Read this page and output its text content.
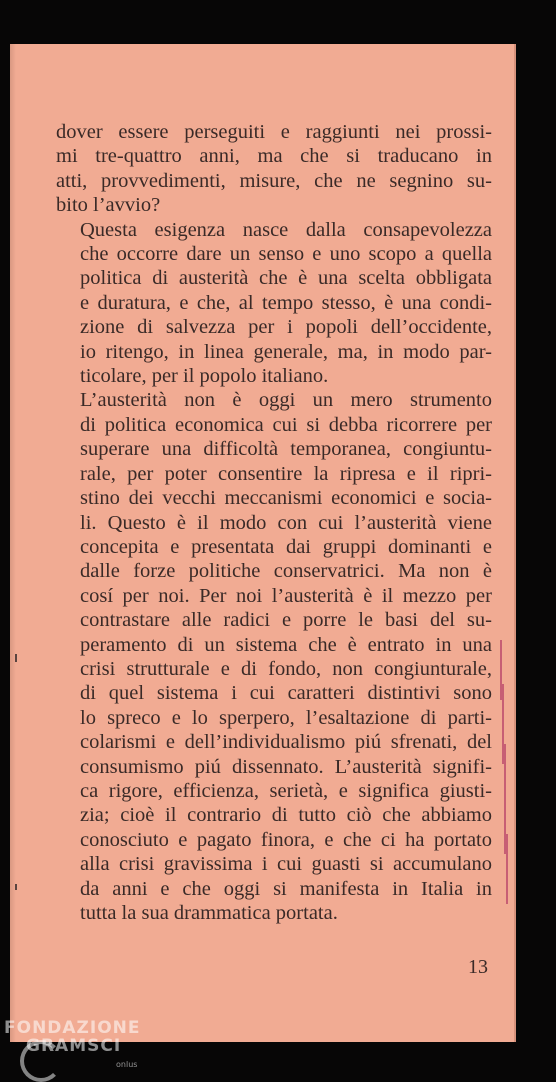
dover essere perseguiti e raggiunti nei prossi-
mi tre-quattro anni, ma che si traducano in
atti, provvedimenti, misure, che ne segnino su-
bito l’avvio?

Questa esigenza nasce dalla consapevolezza
che occorre dare un senso e uno scopo a quella
politica di austerità che è una scelta obbligata
e duratura, e che, al tempo stesso, è una condi-
zione di salvezza per i popoli dell’occidente,
io ritengo, in linea generale, ma, in modo par-
ticolare, per il popolo italiano.

L’austerità non è oggi un mero strumento
di politica economica cui si debba ricorrere per
superare una difficoltà temporanea, congiuntu-
rale, per poter consentire la ripresa e il ripri-
stino dei vecchi meccanismi economici e socia-
li. Questo è il modo con cui l’austerità viene
concepita e presentata dai gruppi dominanti e
dalle forze politiche conservatrici. Ma non è
cosí per noi. Per noi l’austerità è il mezzo per
contrastare alle radici e porre le basi del su-
peramento di un sistema che è entrato in una
crisi strutturale e di fondo, non congiunturale,
di quel sistema i cui caratteri distintivi sono
lo spreco e lo sperpero, l’esaltazione di parti-
colarismi e dell’individualismo piú sfrenati, del
consumismo piú dissennato. L’austerità signifi-
ca rigore, efficienza, serietà, e significa giusti-
zia; cioè il contrario di tutto ciò che abbiamo
conosciuto e pagato finora, e che ci ha portato
alla crisi gravissima i cui guasti si accumulano
da anni e che oggi si manifesta in Italia in
tutta la sua drammatica portata.

13
FONDAZIONE
GRAMSCI
onlus
